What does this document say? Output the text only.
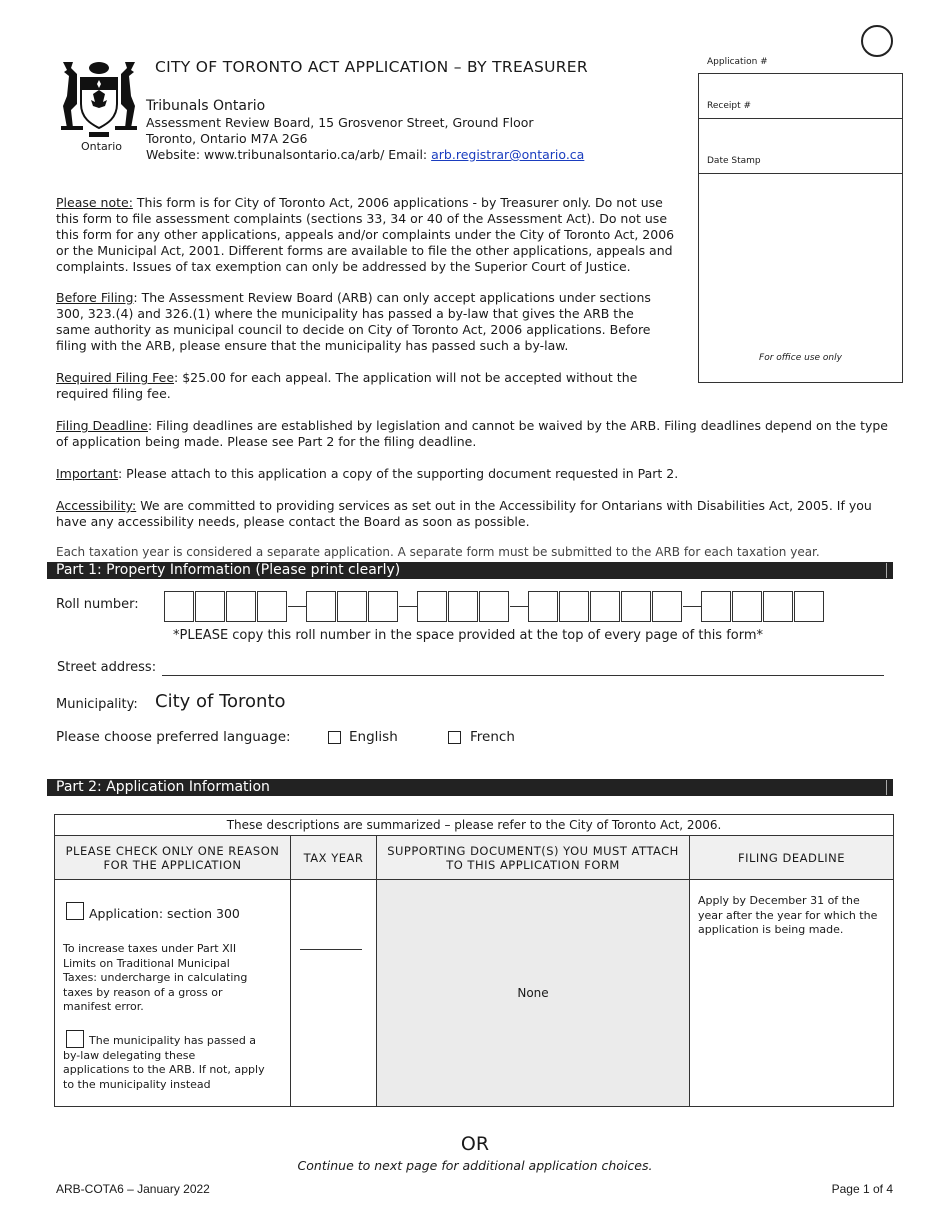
Ontario
CITY OF TORONTO ACT APPLICATION – BY TREASURER
Tribunals Ontario
Assessment Review Board, 15 Grosvenor Street, Ground Floor
Toronto, Ontario M7A 2G6
Website: www.tribunalsontario.ca/arb/ Email: arb.registrar@ontario.ca
Application #
Receipt #
Date Stamp
For office use only

Please note: This form is for City of Toronto Act, 2006 applications - by Treasurer only. Do not use this form to file assessment complaints (sections 33, 34 or 40 of the Assessment Act). Do not use this form for any other applications, appeals and/or complaints under the City of Toronto Act, 2006 or the Municipal Act, 2001. Different forms are available to file the other applications, appeals and complaints. Issues of tax exemption can only be addressed by the Superior Court of Justice.

Before Filing: The Assessment Review Board (ARB) can only accept applications under sections 300, 323.(4) and 326.(1) where the municipality has passed a by-law that gives the ARB the same authority as municipal council to decide on City of Toronto Act, 2006 applications. Before filing with the ARB, please ensure that the municipality has passed such a by-law.

Required Filing Fee: $25.00 for each appeal. The application will not be accepted without the required filing fee.

Filing Deadline: Filing deadlines are established by legislation and cannot be waived by the ARB. Filing deadlines depend on the type of application being made. Please see Part 2 for the filing deadline.

Important: Please attach to this application a copy of the supporting document requested in Part 2.

Accessibility: We are committed to providing services as set out in the Accessibility for Ontarians with Disabilities Act, 2005. If you have any accessibility needs, please contact the Board as soon as possible.

Each taxation year is considered a separate application. A separate form must be submitted to the ARB for each taxation year.
Part 1: Property Information (Please print clearly)
Roll number:
*PLEASE copy this roll number in the space provided at the top of every page of this form*
Street address:
Municipality: City of Toronto
Please choose preferred language:	English	French
Part 2: Application Information
These descriptions are summarized – please refer to the City of Toronto Act, 2006.			
PLEASE CHECK ONLY ONE REASON FOR THE APPLICATION	TAX YEAR	SUPPORTING DOCUMENT(S) YOU MUST ATTACH TO THIS APPLICATION FORM	FILING DEADLINE

Application: section 300
To increase taxes under Part XII Limits on Traditional Municipal Taxes: undercharge in calculating taxes by reason of a gross or manifest error.
The municipality has passed a by-law delegating these applications to the ARB. If not, apply to the municipality instead		None	Apply by December 31 of the year after the year for which the application is being made.
OR
Continue to next page for additional application choices.
ARB-COTA6 – January 2022	Page 1 of 4
